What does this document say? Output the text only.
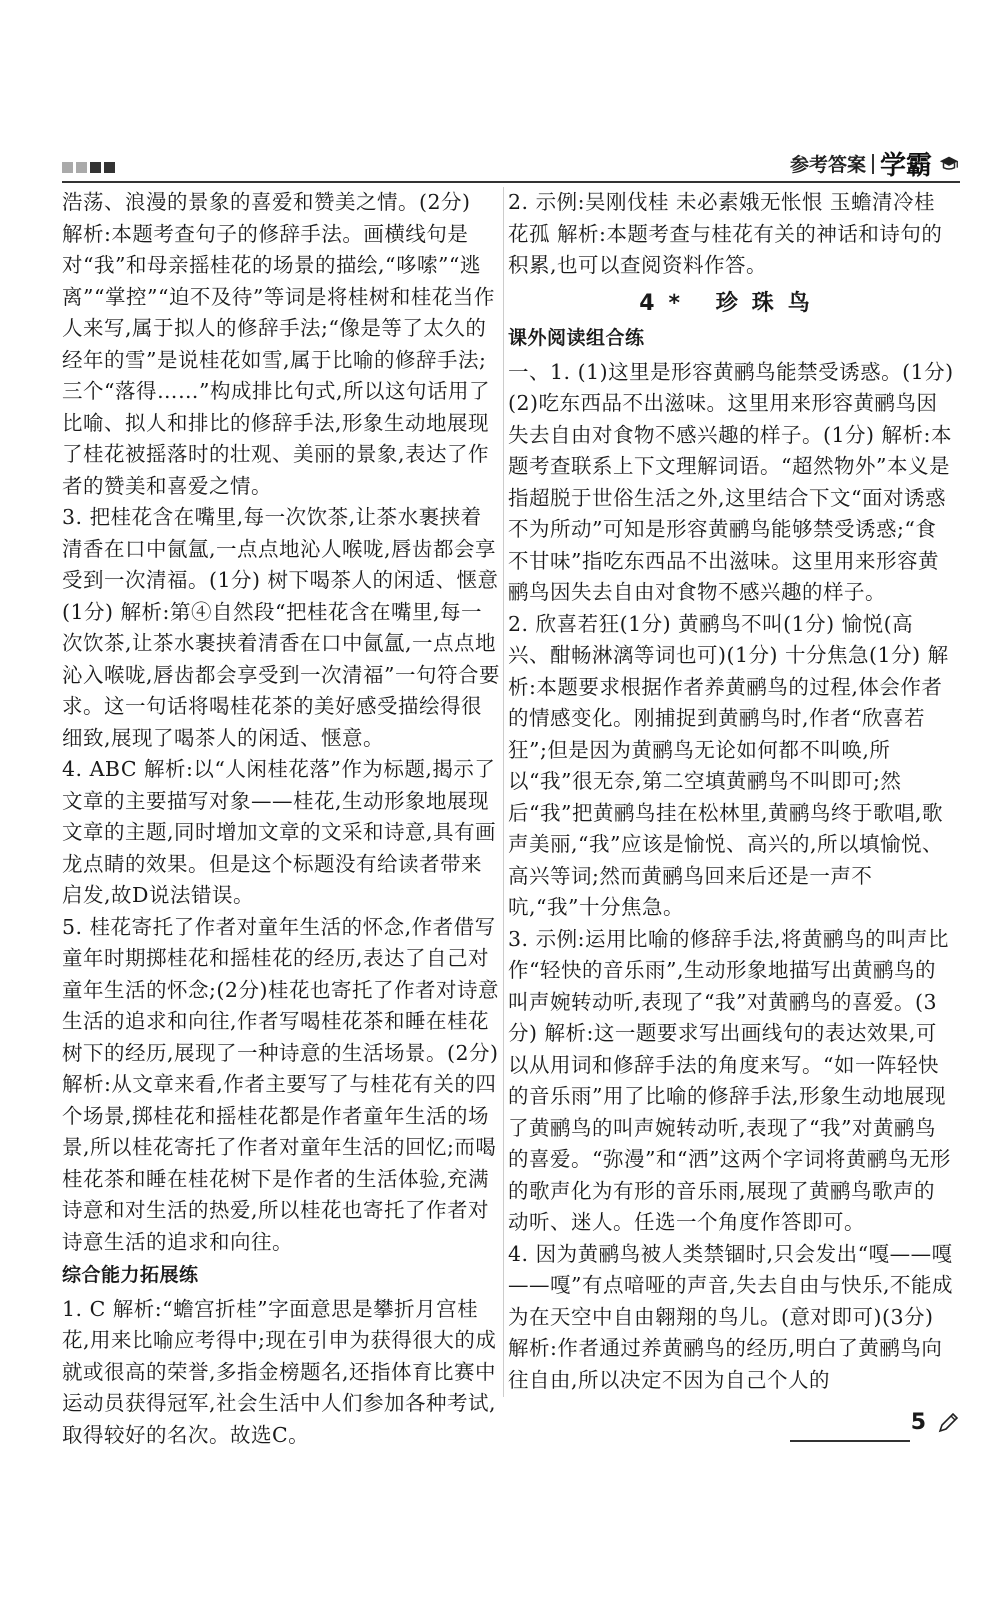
参考答案 学霸

浩荡、浪漫的景象的喜爱和赞美之情。(2分)

解析:本题考查句子的修辞手法。画横线句是对“我”和母亲摇桂花的场景的描绘,“哆嗦”“逃离”“掌控”“迫不及待”等词是将桂树和桂花当作人来写,属于拟人的修辞手法;“像是等了太久的经年的雪”是说桂花如雪,属于比喻的修辞手法;三个“落得……”构成排比句式,所以这句话用了比喻、拟人和排比的修辞手法,形象生动地展现了桂花被摇落时的壮观、美丽的景象,表达了作者的赞美和喜爱之情。

3. 把桂花含在嘴里,每一次饮茶,让茶水裹挟着清香在口中氤氲,一点点地沁人喉咙,唇齿都会享受到一次清福。(1分) 树下喝茶人的闲适、惬意(1分) 解析:第④自然段“把桂花含在嘴里,每一次饮茶,让茶水裹挟着清香在口中氤氲,一点点地沁入喉咙,唇齿都会享受到一次清福”一句符合要求。这一句话将喝桂花茶的美好感受描绘得很细致,展现了喝茶人的闲适、惬意。

4. ABC 解析:以“人闲桂花落”作为标题,揭示了文章的主要描写对象——桂花,生动形象地展现文章的主题,同时增加文章的文采和诗意,具有画龙点睛的效果。但是这个标题没有给读者带来启发,故D说法错误。

5. 桂花寄托了作者对童年生活的怀念,作者借写童年时期掷桂花和摇桂花的经历,表达了自己对童年生活的怀念;(2分)桂花也寄托了作者对诗意生活的追求和向往,作者写喝桂花茶和睡在桂花树下的经历,展现了一种诗意的生活场景。(2分) 解析:从文章来看,作者主要写了与桂花有关的四个场景,掷桂花和摇桂花都是作者童年生活的场景,所以桂花寄托了作者对童年生活的回忆;而喝桂花茶和睡在桂花树下是作者的生活体验,充满诗意和对生活的热爱,所以桂花也寄托了作者对诗意生活的追求和向往。

综合能力拓展练

1. C 解析:“蟾宫折桂”字面意思是攀折月宫桂花,用来比喻应考得中;现在引申为获得很大的成就或很高的荣誉,多指金榜题名,还指体育比赛中运动员获得冠军,社会生活中人们参加各种考试,取得较好的名次。故选C。

2. 示例:吴刚伐桂 未必素娥无怅恨 玉蟾清冷桂花孤 解析:本题考查与桂花有关的神话和诗句的积累,也可以查阅资料作答。

4* 珍珠鸟

课外阅读组合练

一、1. (1)这里是形容黄鹂鸟能禁受诱惑。(1分) (2)吃东西品不出滋味。这里用来形容黄鹂鸟因失去自由对食物不感兴趣的样子。(1分) 解析:本题考查联系上下文理解词语。“超然物外”本义是指超脱于世俗生活之外,这里结合下文“面对诱惑不为所动”可知是形容黄鹂鸟能够禁受诱惑;“食不甘味”指吃东西品不出滋味。这里用来形容黄鹂鸟因失去自由对食物不感兴趣的样子。

2. 欣喜若狂(1分) 黄鹂鸟不叫(1分) 愉悦(高兴、酣畅淋漓等词也可)(1分) 十分焦急(1分) 解析:本题要求根据作者养黄鹂鸟的过程,体会作者的情感变化。刚捕捉到黄鹂鸟时,作者“欣喜若狂”;但是因为黄鹂鸟无论如何都不叫唤,所以“我”很无奈,第二空填黄鹂鸟不叫即可;然后“我”把黄鹂鸟挂在松林里,黄鹂鸟终于歌唱,歌声美丽,“我”应该是愉悦、高兴的,所以填愉悦、高兴等词;然而黄鹂鸟回来后还是一声不吭,“我”十分焦急。

3. 示例:运用比喻的修辞手法,将黄鹂鸟的叫声比作“轻快的音乐雨”,生动形象地描写出黄鹂鸟的叫声婉转动听,表现了“我”对黄鹂鸟的喜爱。(3分) 解析:这一题要求写出画线句的表达效果,可以从用词和修辞手法的角度来写。“如一阵轻快的音乐雨”用了比喻的修辞手法,形象生动地展现了黄鹂鸟的叫声婉转动听,表现了“我”对黄鹂鸟的喜爱。“弥漫”和“洒”这两个字词将黄鹂鸟无形的歌声化为有形的音乐雨,展现了黄鹂鸟歌声的动听、迷人。任选一个角度作答即可。

4. 因为黄鹂鸟被人类禁锢时,只会发出“嘎——嘎——嘎”有点喑哑的声音,失去自由与快乐,不能成为在天空中自由翱翔的鸟儿。(意对即可)(3分) 解析:作者通过养黄鹂鸟的经历,明白了黄鹂鸟向往自由,所以决定不因为自己个人的

5
